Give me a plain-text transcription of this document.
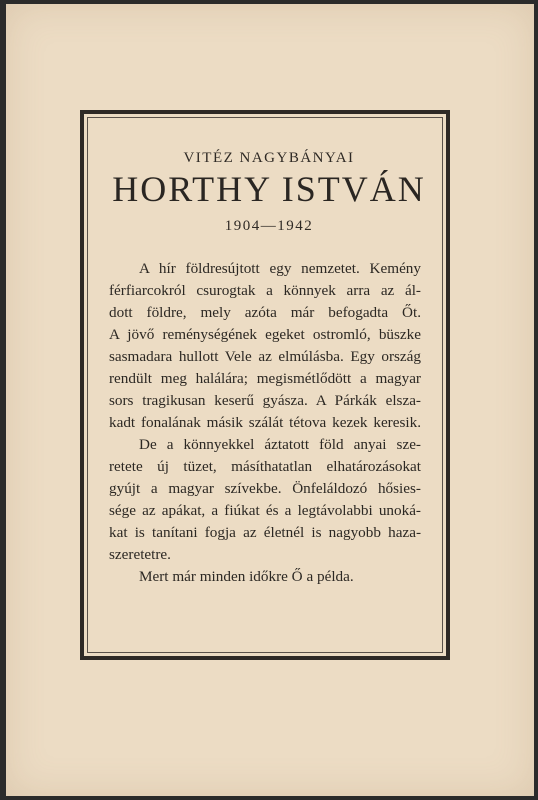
VITÉZ NAGYBÁNYAI
HORTHY ISTVÁN
1904—1942
A hír földresújtott egy nemzetet. Kemény
férfiarcokról csurogtak a könnyek arra az ál-
dott földre, mely azóta már befogadta Őt.
A jövő reménységének egeket ostromló, büszke
sasmadara hullott Vele az elmúlásba. Egy ország
rendült meg halálára; megismétlődött a magyar
sors tragikusan keserű gyásza. A Párkák elsza-
kadt fonalának másik szálát tétova kezek keresik.
De a könnyekkel áztatott föld anyai sze-
retete új tüzet, másíthatatlan elhatározásokat
gyújt a magyar szívekbe. Önfeláldozó hősies-
sége az apákat, a fiúkat és a legtávolabbi unoká-
kat is tanítani fogja az életnél is nagyobb haza-
szeretetre.
Mert már minden időkre Ő a példa.
